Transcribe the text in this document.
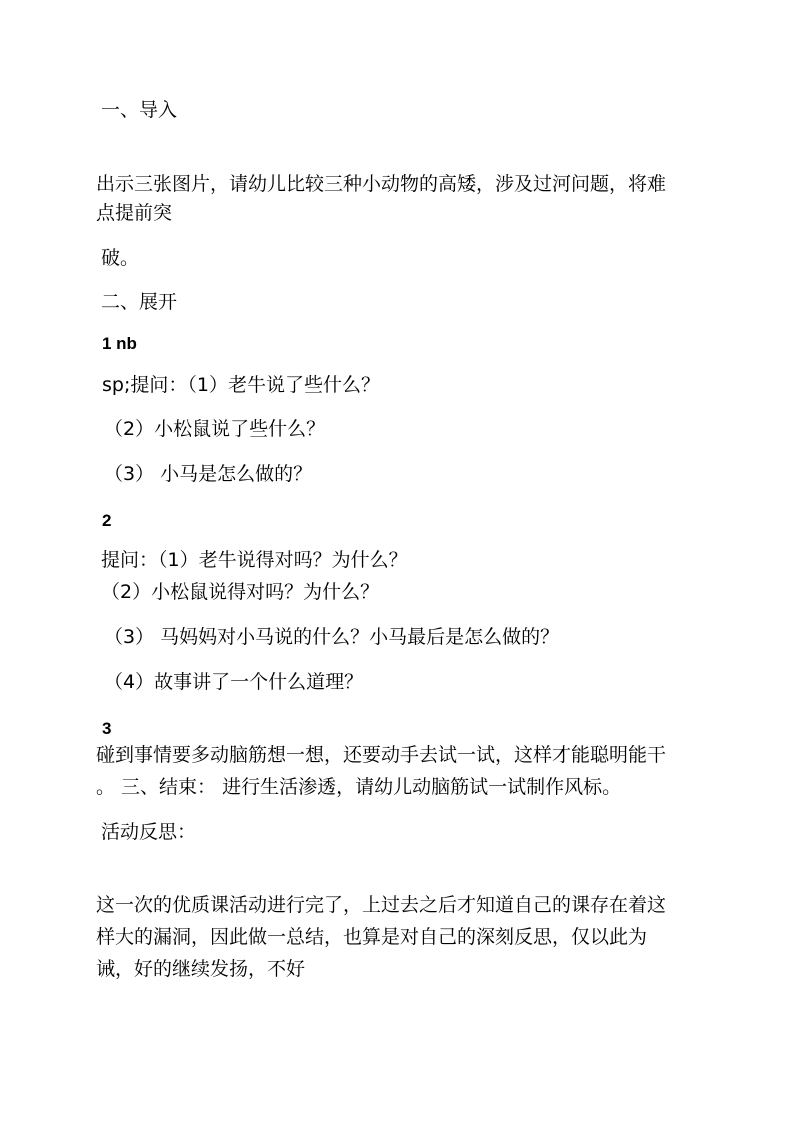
一、导入
出示三张图片，请幼儿比较三种小动物的高矮，涉及过河问题，将难
点提前突
破。
二、展开
1 nb
sp;提问：（1）老牛说了些什么？
（2）小松鼠说了些什么？
（3） 小马是怎么做的？
2
提问：（1）老牛说得对吗？为什么？
（2）小松鼠说得对吗？为什么？
（3） 马妈妈对小马说的什么？小马最后是怎么做的？
（4）故事讲了一个什么道理？
3
碰到事情要多动脑筋想一想，还要动手去试一试，这样才能聪明能干
。 三、结束： 进行生活渗透，请幼儿动脑筋试一试制作风标。
活动反思：
这一次的优质课活动进行完了，上过去之后才知道自己的课存在着这
样大的漏洞，因此做一总结，也算是对自己的深刻反思，仅以此为
诫，好的继续发扬，不好
